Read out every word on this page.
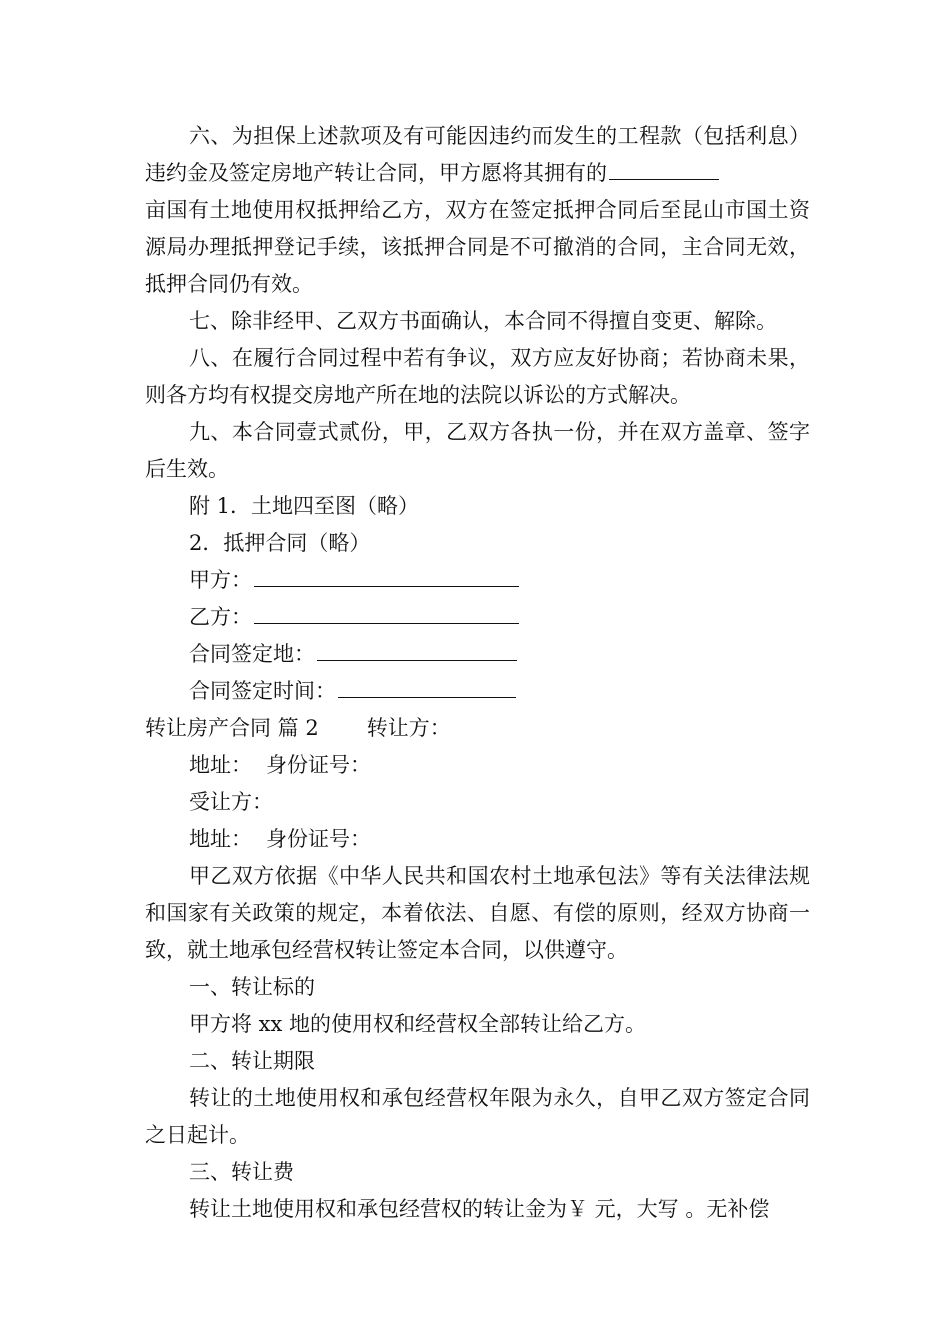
六、为担保上述款项及有可能因违约而发生的工程款（包括利息）违约金及签定房地产转让合同，甲方愿将其拥有的

亩国有土地使用权抵押给乙方，双方在签定抵押合同后至昆山市国土资源局办理抵押登记手续，该抵押合同是不可撤消的合同，主合同无效，抵押合同仍有效。

七、除非经甲、乙双方书面确认，本合同不得擅自变更、解除。

八、在履行合同过程中若有争议，双方应友好协商；若协商未果，则各方均有权提交房地产所在地的法院以诉讼的方式解决。

九、本合同壹式贰份，甲，乙双方各执一份，并在双方盖章、签字后生效。

附 1．土地四至图（略）

2．抵押合同（略）

甲方：

乙方：

合同签定地：

合同签定时间：

转让房产合同 篇 2 转让方：

地址： 身份证号：

受让方：

地址： 身份证号：

甲乙双方依据《中华人民共和国农村土地承包法》等有关法律法规和国家有关政策的规定，本着依法、自愿、有偿的原则，经双方协商一致，就土地承包经营权转让签定本合同，以供遵守。

一、转让标的

甲方将 xx 地的使用权和经营权全部转让给乙方。

二、转让期限

转让的土地使用权和承包经营权年限为永久，自甲乙双方签定合同之日起计。

三、转让费

转让土地使用权和承包经营权的转让金为￥ 元，大写 。无补偿
